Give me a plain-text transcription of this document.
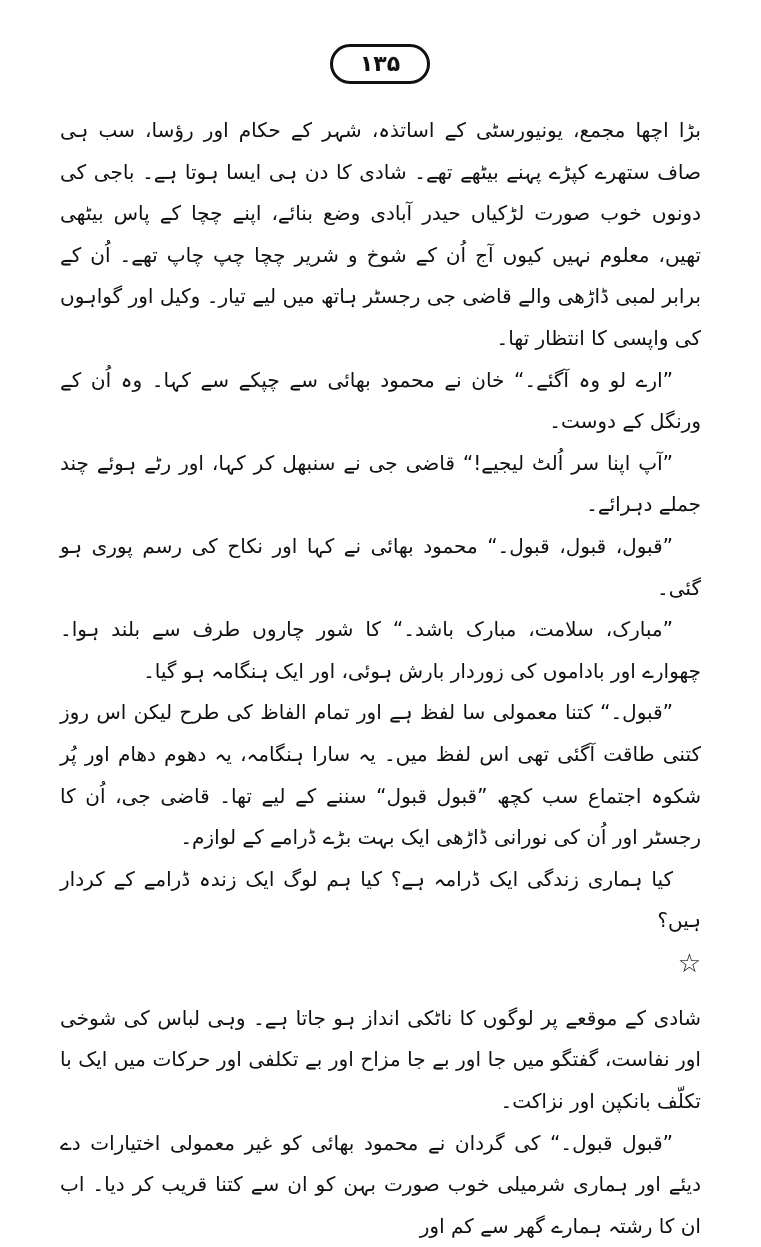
۱۳۵

بڑا اچھا مجمع، یونیورسٹی کے اساتذہ، شہر کے حکام اور رؤسا، سب ہی صاف ستھرے کپڑے پہنے بیٹھے تھے۔ شادی کا دن ہی ایسا ہوتا ہے۔ باجی کی دونوں خوب صورت لڑکیاں حیدر آبادی وضع بنائے، اپنے چچا کے پاس بیٹھی تھیں، معلوم نہیں کیوں آج اُن کے شوخ و شریر چچا چپ چاپ تھے۔ اُن کے برابر لمبی ڈاڑھی والے قاضی جی رجسٹر ہاتھ میں لیے تیار۔ وکیل اور گواہوں کی واپسی کا انتظار تھا۔

”ارے لو وہ آگئے۔“ خان نے محمود بھائی سے چپکے سے کہا۔ وہ اُن کے ورنگل کے دوست۔

”آپ اپنا سر اُلٹ لیجیے!“ قاضی جی نے سنبھل کر کہا، اور رٹے ہوئے چند جملے دہرائے۔

”قبول، قبول، قبول۔“ محمود بھائی نے کہا اور نکاح کی رسم پوری ہو گئی۔

”مبارک، سلامت، مبارک باشد۔“ کا شور چاروں طرف سے بلند ہوا۔ چھوارے اور باداموں کی زوردار بارش ہوئی، اور ایک ہنگامہ ہو گیا۔

”قبول۔“ کتنا معمولی سا لفظ ہے اور تمام الفاظ کی طرح لیکن اس روز کتنی طاقت آگئی تھی اس لفظ میں۔ یہ سارا ہنگامہ، یہ دھوم دھام اور پُر شکوہ اجتماع سب کچھ ”قبول قبول“ سننے کے لیے تھا۔ قاضی جی، اُن کا رجسٹر اور اُن کی نورانی ڈاڑھی ایک بہت بڑے ڈرامے کے لوازم۔

کیا ہماری زندگی ایک ڈرامہ ہے؟ کیا ہم لوگ ایک زندہ ڈرامے کے کردار ہیں؟

☆

شادی کے موقعے پر لوگوں کا ناٹکی انداز ہو جاتا ہے۔ وہی لباس کی شوخی اور نفاست، گفتگو میں جا اور بے جا مزاح اور بے تکلفی اور حرکات میں ایک با تکلّف بانکپن اور نزاکت۔

”قبول قبول۔“ کی گردان نے محمود بھائی کو غیر معمولی اختیارات دے دیئے اور ہماری شرمیلی خوب صورت بہن کو ان سے کتنا قریب کر دیا۔ اب ان کا رشتہ ہمارے گھر سے کم اور
